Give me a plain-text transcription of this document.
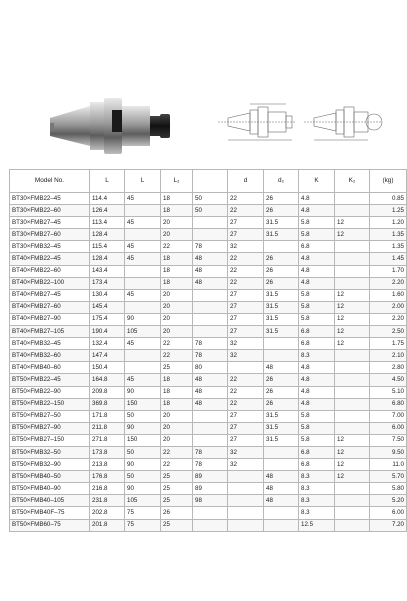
Model No.	L	L	L₂		d	d₂	K	K₂	(kg)
BT30×FMB22–45	114.4	45	18	50	22	26	4.8		0.85
BT30×FMB22–60	126.4		18	50	22	26	4.8		1.25
BT30×FMB27–45	113.4	45	20		27	31.5	5.8	12	1.20
BT30×FMB27–60	128.4		20		27	31.5	5.8	12	1.35
BT30×FMB32–45	115.4	45	22	78	32		6.8		1.35
BT40×FMB22–45	128.4	45	18	48	22	26	4.8		1.45
BT40×FMB22–60	143.4		18	48	22	26	4.8		1.70
BT40×FMB22–100	173.4		18	48	22	26	4.8		2.20
BT40×FMB27–45	130.4	45	20		27	31.5	5.8	12	1.60
BT40×FMB27–60	145.4		20		27	31.5	5.8	12	2.00
BT40×FMB27–90	175.4	90	20		27	31.5	5.8	12	2.20
BT40×FMB27–105	190.4	105	20		27	31.5	6.8	12	2.50
BT40×FMB32–45	132.4	45	22	78	32		6.8	12	1.75
BT40×FMB32–60	147.4		22	78	32		8.3		2.10
BT40×FMB40–60	150.4		25	80		48	4.8		2.80
BT50×FMB22–45	164.8	45	18	48	22	26	4.8		4.50
BT50×FMB22–90	209.8	90	18	48	22	26	4.8		5.10
BT50×FMB22–150	369.8	150	18	48	22	26	4.8		6.80
BT50×FMB27–50	171.8	50	20		27	31.5	5.8		7.00
BT50×FMB27–90	211.8	90	20		27	31.5	5.8		6.00
BT50×FMB27–150	271.8	150	20		27	31.5	5.8	12	7.50
BT50×FMB32–50	173.8	50	22	78	32		6.8	12	9.50
BT50×FMB32–90	213.8	90	22	78	32		6.8	12	11.0
BT50×FMB40–50	176.8	50	25	89		48	8.3	12	5.70
BT50×FMB40–90	216.8	90	25	89		48	8.3		5.80
BT50×FMB40–105	231.8	105	25	98		48	8.3		5.20
BT50×FMB40F–75	202.8	75	26				8.3		6.00
BT50×FMB60–75	201.8	75	25				12.5		7.20
